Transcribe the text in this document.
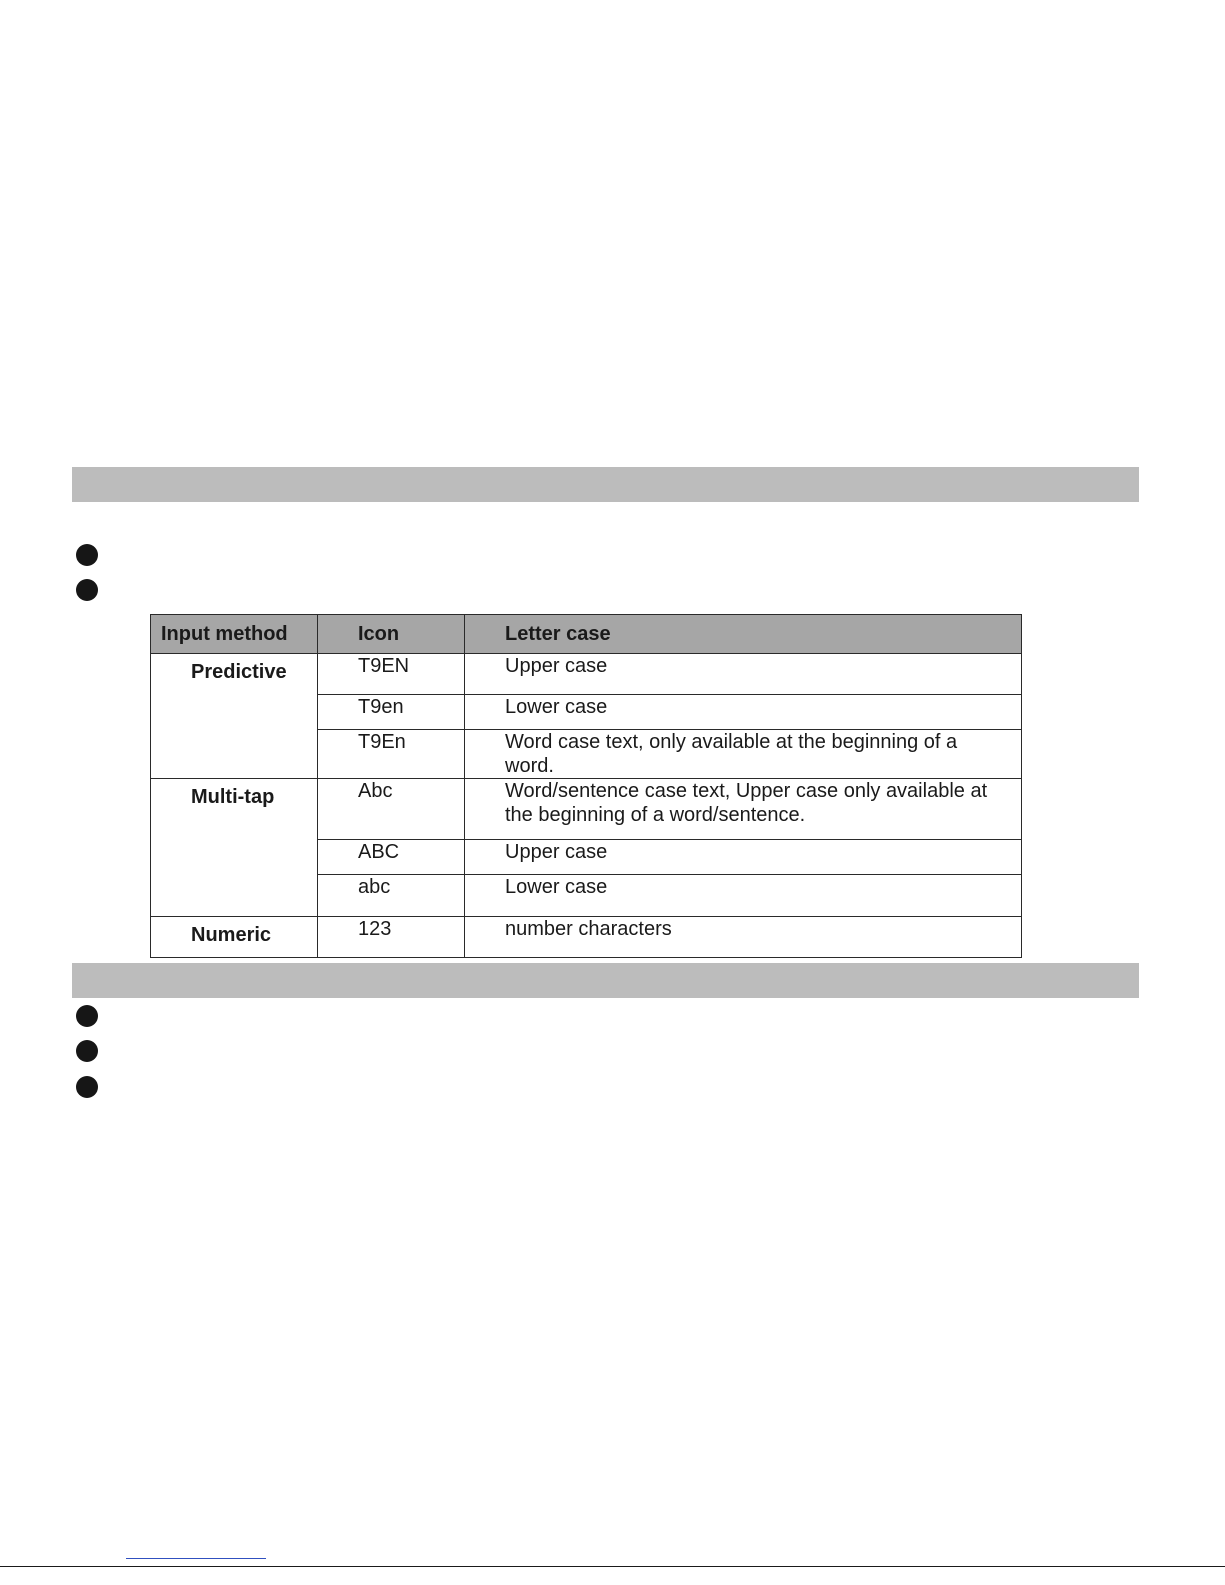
Input method	Icon	Letter case
Predictive	T9EN	Upper case
	T9en	Lower case
	T9En	Word case text, only available at the beginning of a word.
Multi-tap	Abc	Word/sentence case text, Upper case only available at the beginning of a word/sentence.
	ABC	Upper case
	abc	Lower case
Numeric	123	number characters
